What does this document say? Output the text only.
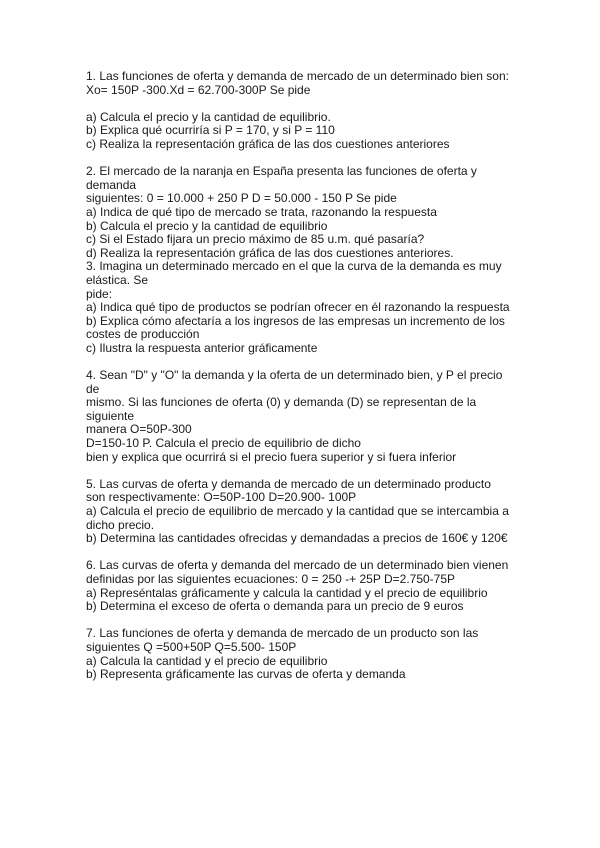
1. Las funciones de oferta y demanda de mercado de un determinado bien son:
Xo= 150P -300.Xd = 62.700-300P Se pide
a) Calcula el precio y la cantidad de equilibrio.
b) Explica qué ocurriría si P = 170, y si P = 110
c) Realiza la representación gráfica de las dos cuestiones anteriores
2. El mercado de la naranja en España presenta las funciones de oferta y
demanda
siguientes: 0 = 10.000 + 250 P D = 50.000 - 150 P Se pide
a) Indica de qué tipo de mercado se trata, razonando la respuesta
b) Calcula el precio y la cantidad de equilibrio
c) Si el Estado fijara un precio máximo de 85 u.m. qué pasaría?
d) Realiza la representación gráfica de las dos cuestiones anteriores.
3. Imagina un determinado mercado en el que la curva de la demanda es muy
elástica. Se
pide:
a) Indica qué tipo de productos se podrían ofrecer en él razonando la respuesta
b) Explica cómo afectaría a los ingresos de las empresas un incremento de los
costes de producción
c) Ilustra la respuesta anterior gráficamente
4. Sean "D" y "O" la demanda y la oferta de un determinado bien, y P el precio
de
mismo. Si las funciones de oferta (0) y demanda (D) se representan de la
siguiente
manera O=50P-300
D=150-10 P. Calcula el precio de equilibrio de dicho
bien y explica que ocurrirá si el precio fuera superior y si fuera inferior
5. Las curvas de oferta y demanda de mercado de un determinado producto
son respectivamente: O=50P-100 D=20.900- 100P
a) Calcula el precio de equilibrio de mercado y la cantidad que se intercambia a
dicho precio.
b) Determina las cantidades ofrecidas y demandadas a precios de 160€ y 120€
6. Las curvas de oferta y demanda del mercado de un determinado bien vienen
definidas por las siguientes ecuaciones: 0 = 250 -+ 25P D=2.750-75P
a) Represéntalas gráficamente y calcula la cantidad y el precio de equilibrio
b) Determina el exceso de oferta o demanda para un precio de 9 euros
7. Las funciones de oferta y demanda de mercado de un producto son las
siguientes Q =500+50P Q=5.500- 150P
a) Calcula la cantidad y el precio de equilibrio
b) Representa gráficamente las curvas de oferta y demanda
